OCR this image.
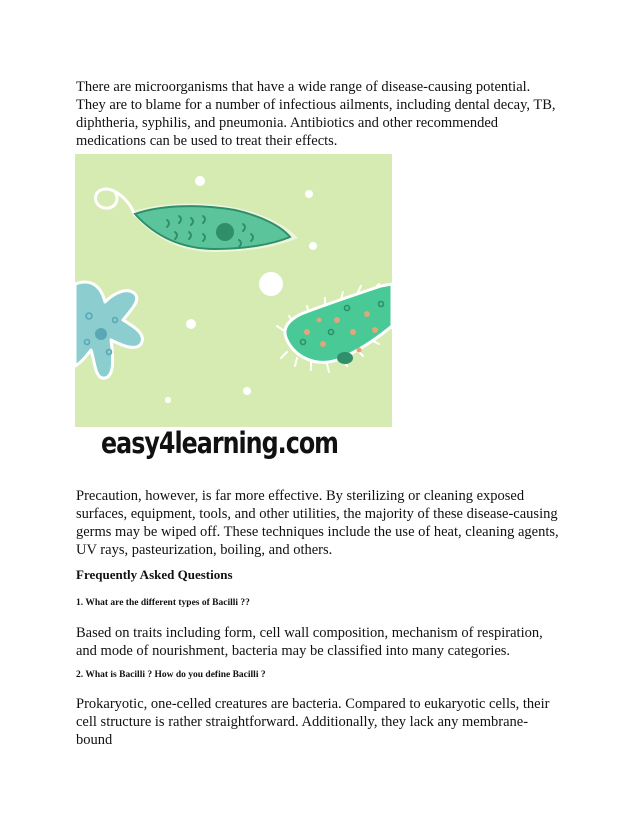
There are microorganisms that have a wide range of disease-causing potential. They are to blame for a number of infectious ailments, including dental decay, TB, diphtheria, syphilis, and pneumonia. Antibiotics and other recommended medications can be used to treat their effects.

easy4learning.com

Precaution, however, is far more effective. By sterilizing or cleaning exposed surfaces, equipment, tools, and other utilities, the majority of these disease-causing germs may be wiped off. These techniques include the use of heat, cleaning agents, UV rays, pasteurization, boiling, and others.

Frequently Asked Questions

1. What are the different types of Bacilli ??

Based on traits including form, cell wall composition, mechanism of respiration, and mode of nourishment, bacteria may be classified into many categories.

2. What is Bacilli ? How do you define Bacilli ?

Prokaryotic, one-celled creatures are bacteria. Compared to eukaryotic cells, their cell structure is rather straightforward. Additionally, they lack any membrane-bound
